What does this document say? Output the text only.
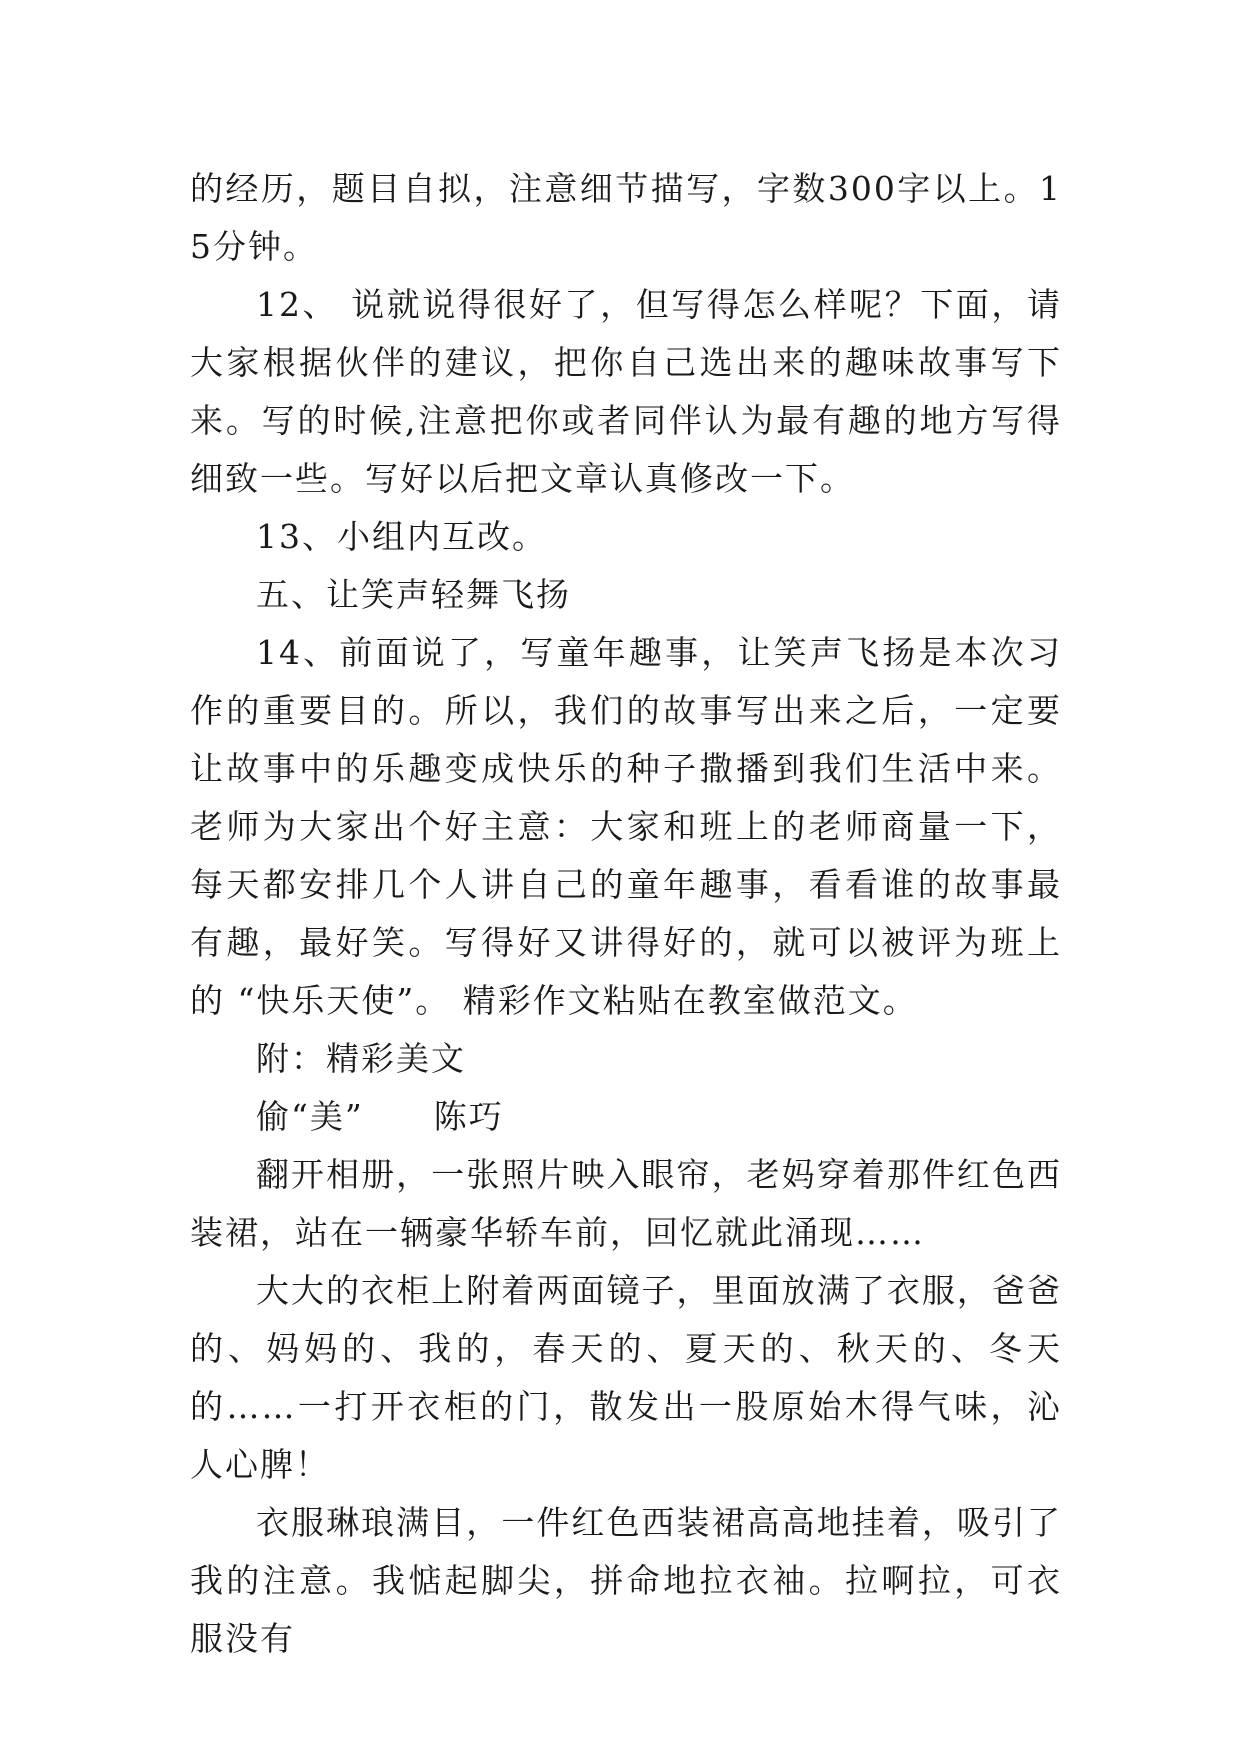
的经历，题目自拟，注意细节描写，字数300字以上。15分钟。

12、 说就说得很好了，但写得怎么样呢？下面，请大家根据伙伴的建议，把你自己选出来的趣味故事写下来。写的时候,注意把你或者同伴认为最有趣的地方写得细致一些。写好以后把文章认真修改一下。

13、小组内互改。

五、让笑声轻舞飞扬

14、前面说了，写童年趣事，让笑声飞扬是本次习作的重要目的。所以，我们的故事写出来之后，一定要让故事中的乐趣变成快乐的种子撒播到我们生活中来。老师为大家出个好主意：大家和班上的老师商量一下，每天都安排几个人讲自己的童年趣事，看看谁的故事最有趣，最好笑。写得好又讲得好的，就可以被评为班上的 “快乐天使”。 精彩作文粘贴在教室做范文。

附：精彩美文

偷“美”　　陈巧

翻开相册，一张照片映入眼帘，老妈穿着那件红色西装裙，站在一辆豪华轿车前，回忆就此涌现……

大大的衣柜上附着两面镜子，里面放满了衣服，爸爸的、妈妈的、我的，春天的、夏天的、秋天的、冬天的……一打开衣柜的门，散发出一股原始木得气味，沁人心脾！

衣服琳琅满目，一件红色西装裙高高地挂着，吸引了我的注意。我惦起脚尖，拼命地拉衣袖。拉啊拉，可衣服没有
